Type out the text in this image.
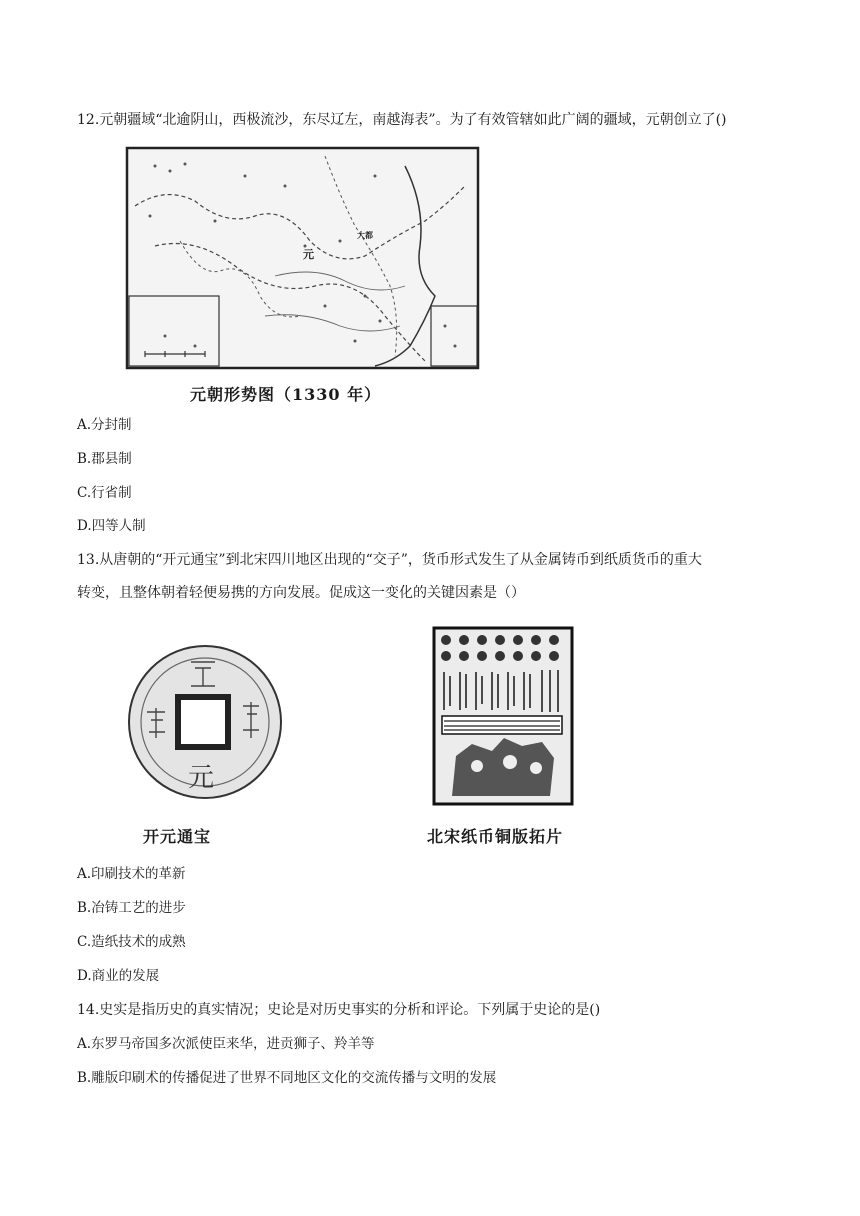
12.元朝疆域“北逾阴山，西极流沙，东尽辽左，南越海表”。为了有效管辖如此广阔的疆域，元朝创立了()
元
大都
元朝形势图（1330 年）
A.分封制
B.郡县制
C.行省制
D.四等人制
13.从唐朝的“开元通宝”到北宋四川地区出现的“交子”，货币形式发生了从金属铸币到纸质货币的重大
转变，且整体朝着轻便易携的方向发展。促成这一变化的关键因素是（）
元
开元通宝	北宋纸币铜版拓片
A.印刷技术的革新
B.冶铸工艺的进步
C.造纸技术的成熟
D.商业的发展
14.史实是指历史的真实情况；史论是对历史事实的分析和评论。下列属于史论的是()
A.东罗马帝国多次派使臣来华，进贡狮子、羚羊等
B.雕版印刷术的传播促进了世界不同地区文化的交流传播与文明的发展
